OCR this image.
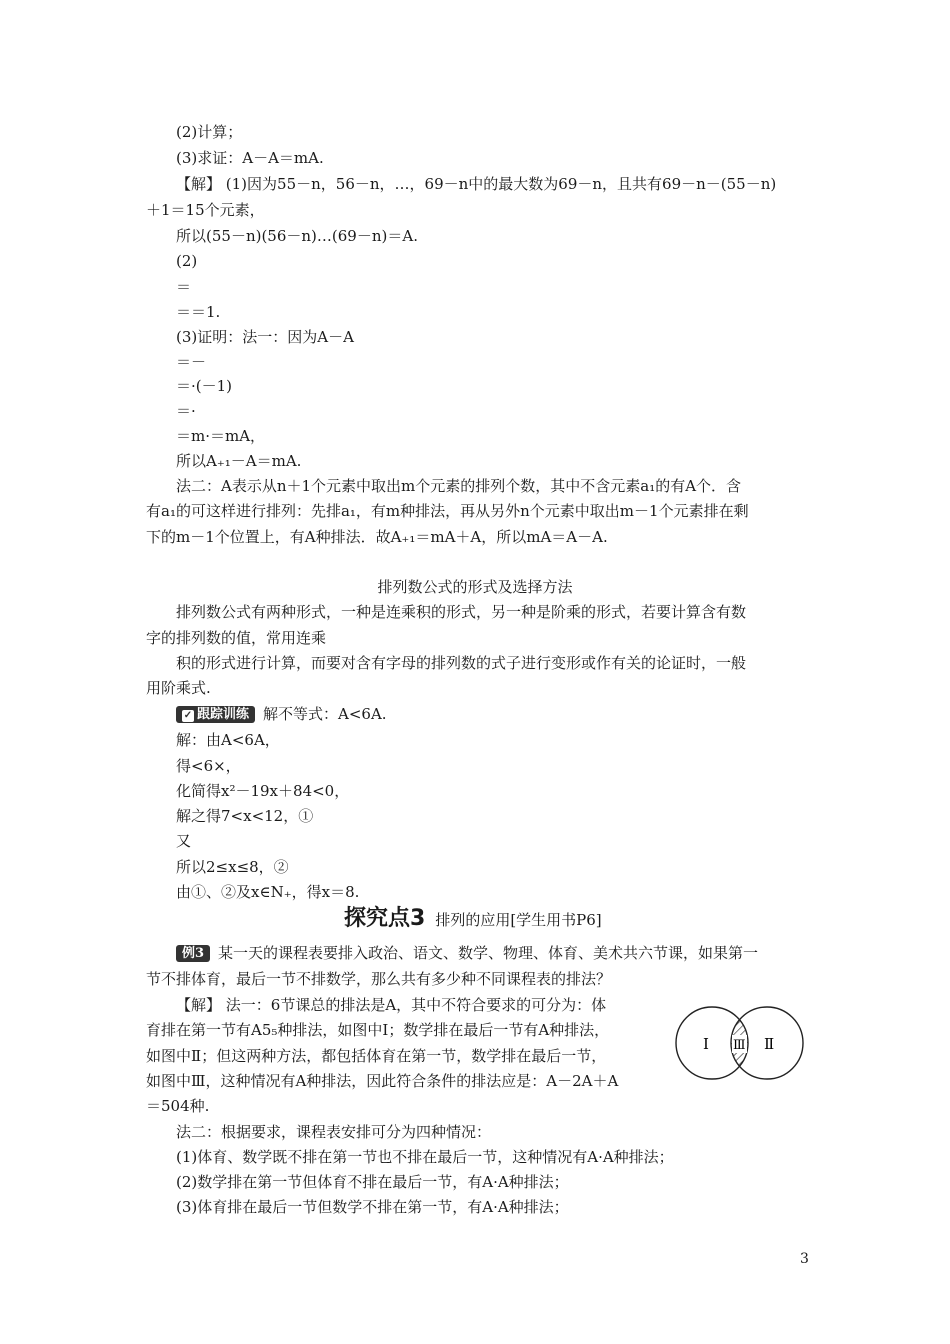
(2)计算；
(3)求证：A－A＝mA.
【解】 (1)因为55－n，56－n，…，69－n中的最大数为69－n，且共有69－n－(55－n)
＋1＝15个元素，
所以(55－n)(56－n)…(69－n)＝A.
(2)
＝
＝＝1.
(3)证明：法一：因为A－A
＝－
＝·(－1)
＝·
＝m·＝mA，
所以A₊₁－A＝mA.
法二：A表示从n＋1个元素中取出m个元素的排列个数，其中不含元素a₁的有A个．含
有a₁的可这样进行排列：先排a₁，有m种排法，再从另外n个元素中取出m－1个元素排在剩
下的m－1个位置上，有A种排法．故A₊₁＝mA＋A，所以mA＝A－A.
排列数公式的形式及选择方法
排列数公式有两种形式，一种是连乘积的形式，另一种是阶乘的形式，若要计算含有数
字的排列数的值，常用连乘
积的形式进行计算，而要对含有字母的排列数的式子进行变形或作有关的论证时，一般
用阶乘式.
✓ 跟踪训练 解不等式：A<6A.
解：由A<6A，
得<6×，
化简得x²－19x＋84<0，
解之得7<x<12，①
又
所以2≤x≤8，②
由①、②及x∈N₊，得x＝8.
探究点3 排列的应用[学生用书P6]
例3 某一天的课程表要排入政治、语文、数学、物理、体育、美术共六节课，如果第一
节不排体育，最后一节不排数学，那么共有多少种不同课程表的排法？
【解】 法一：6节课总的排法是A，其中不符合要求的可分为：体
育排在第一节有A5₅种排法，如图中Ⅰ；数学排在最后一节有A种排法，
如图中Ⅱ；但这两种方法，都包括体育在第一节，数学排在最后一节，
如图中Ⅲ，这种情况有A种排法，因此符合条件的排法应是：A－2A＋A
＝504种.
Ⅰ Ⅲ Ⅱ
法二：根据要求，课程表安排可分为四种情况：
(1)体育、数学既不排在第一节也不排在最后一节，这种情况有A·A种排法；
(2)数学排在第一节但体育不排在最后一节，有A·A种排法；
(3)体育排在最后一节但数学不排在第一节，有A·A种排法；
3
